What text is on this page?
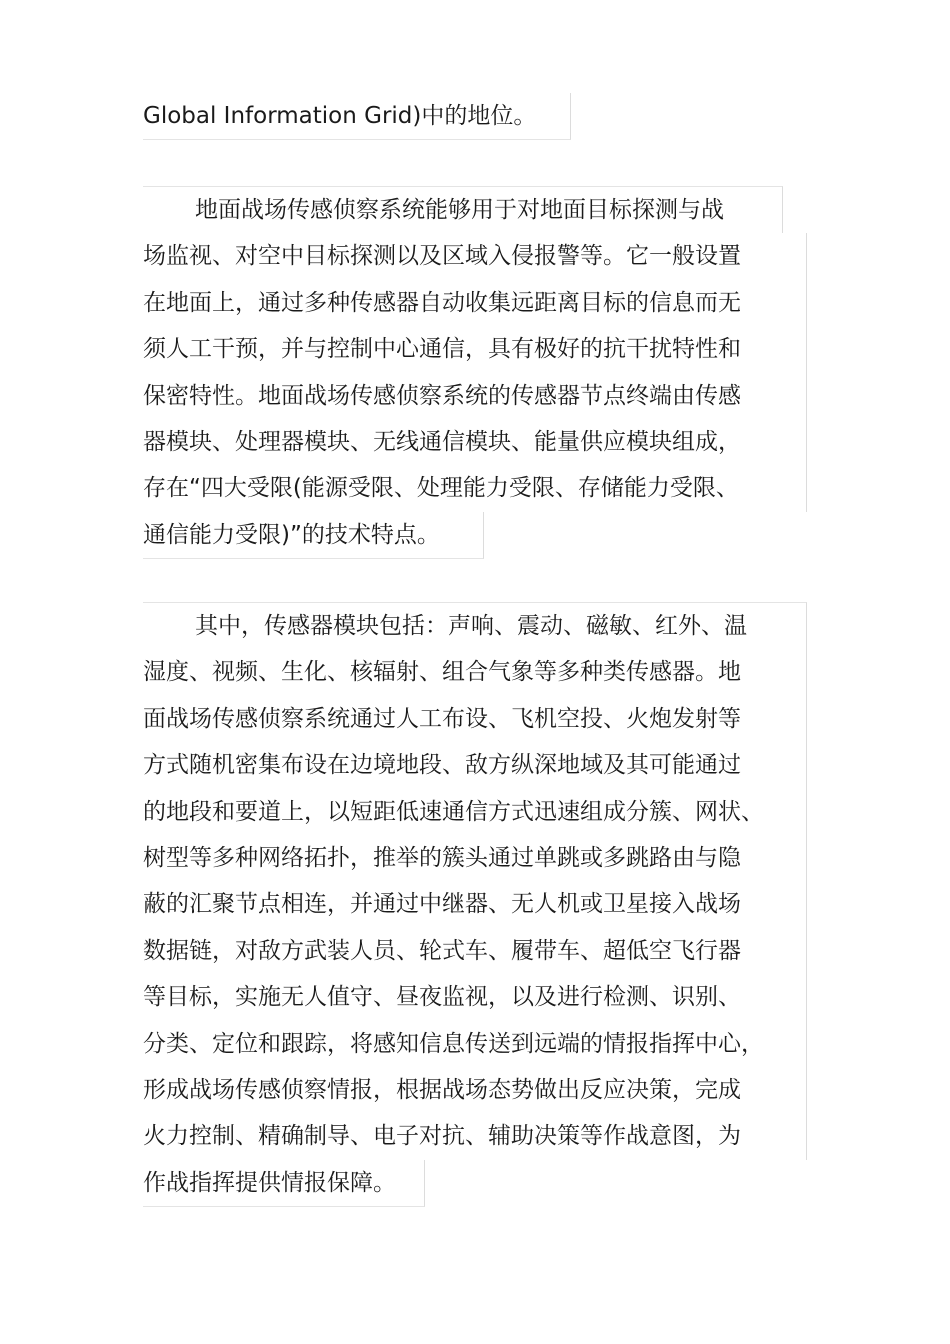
Global Information Grid)中的地位。
地面战场传感侦察系统能够用于对地面目标探测与战
场监视、对空中目标探测以及区域入侵报警等。它一般设置
在地面上，通过多种传感器自动收集远距离目标的信息而无
须人工干预，并与控制中心通信，具有极好的抗干扰特性和
保密特性。地面战场传感侦察系统的传感器节点终端由传感
器模块、处理器模块、无线通信模块、能量供应模块组成，
存在“四大受限(能源受限、处理能力受限、存储能力受限、
通信能力受限)”的技术特点。
其中，传感器模块包括：声响、震动、磁敏、红外、温
湿度、视频、生化、核辐射、组合气象等多种类传感器。地
面战场传感侦察系统通过人工布设、飞机空投、火炮发射等
方式随机密集布设在边境地段、敌方纵深地域及其可能通过
的地段和要道上，以短距低速通信方式迅速组成分簇、网状、
树型等多种网络拓扑，推举的簇头通过单跳或多跳路由与隐
蔽的汇聚节点相连，并通过中继器、无人机或卫星接入战场
数据链，对敌方武装人员、轮式车、履带车、超低空飞行器
等目标，实施无人值守、昼夜监视，以及进行检测、识别、
分类、定位和跟踪，将感知信息传送到远端的情报指挥中心，
形成战场传感侦察情报，根据战场态势做出反应决策，完成
火力控制、精确制导、电子对抗、辅助决策等作战意图，为
作战指挥提供情报保障。
